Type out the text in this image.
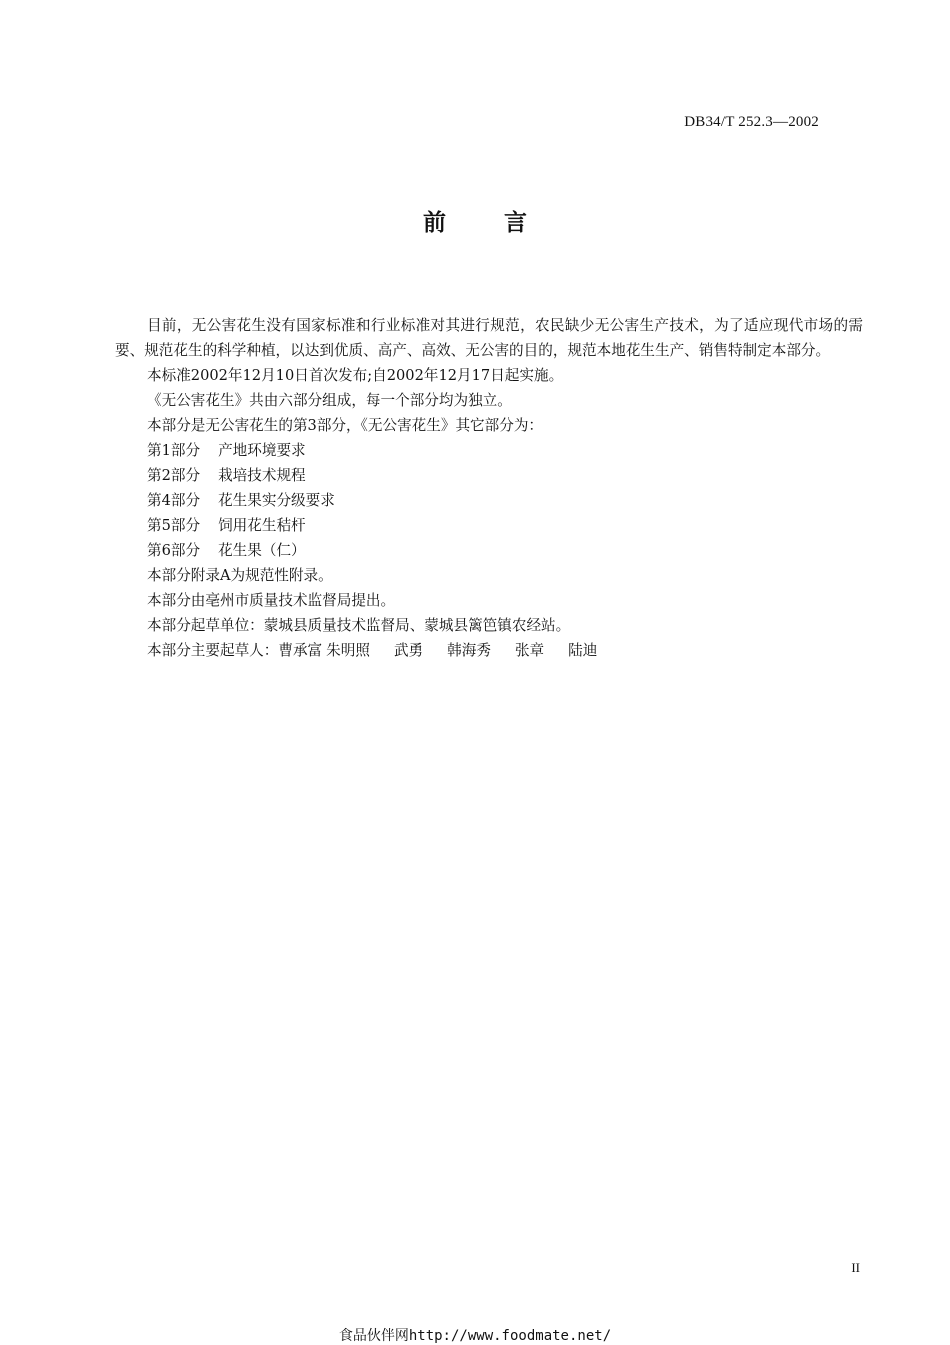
DB34/T 252.3—2002
前	言

目前，无公害花生没有国家标准和行业标准对其进行规范，农民缺少无公害生产技术，为了适应现代市场的需要、规范花生的科学种植，以达到优质、高产、高效、无公害的目的，规范本地花生生产、销售特制定本部分。

本标准2002年12月10日首次发布;自2002年12月17日起实施。

《无公害花生》共由六部分组成，每一个部分均为独立。

本部分是无公害花生的第3部分，《无公害花生》其它部分为：

第1部分 产地环境要求

第2部分 栽培技术规程

第4部分 花生果实分级要求

第5部分 饲用花生秸杆

第6部分 花生果（仁）

本部分附录A为规范性附录。

本部分由亳州市质量技术监督局提出。

本部分起草单位：蒙城县质量技术监督局、蒙城县篱笆镇农经站。

本部分主要起草人：曹承富 朱明照 武勇 韩海秀 张章 陆迪

II
食品伙伴网http://www.foodmate.net/
